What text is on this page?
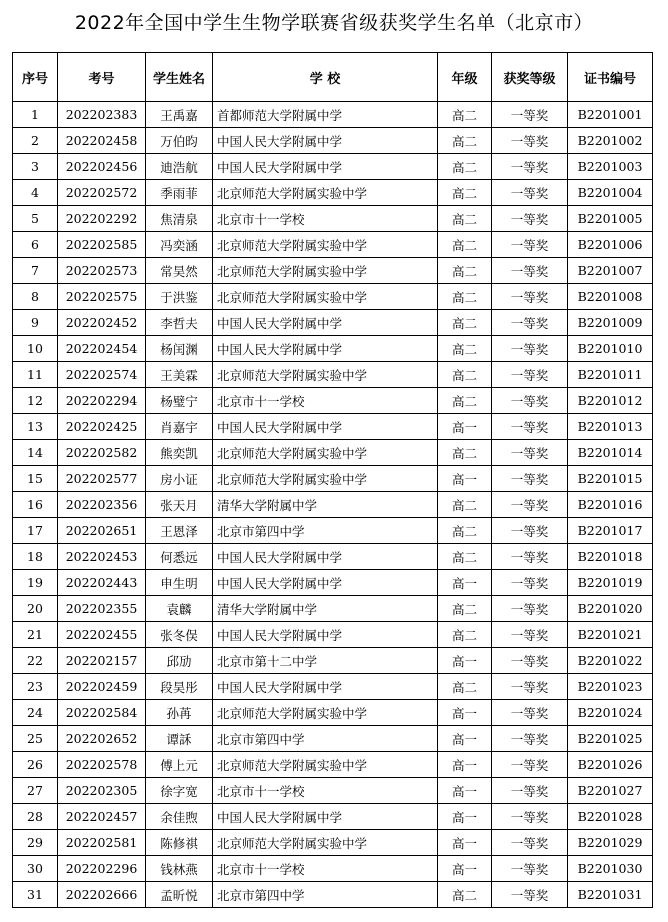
2022年全国中学生生物学联赛省级获奖学生名单（北京市）
序号	考号	学生姓名	学 校	年级	获奖等级	证书编号
1	202202383	王禹嘉	首都师范大学附属中学	高二	一等奖	B2201001
2	202202458	万伯昀	中国人民大学附属中学	高二	一等奖	B2201002
3	202202456	迪浩航	中国人民大学附属中学	高二	一等奖	B2201003
4	202202572	季雨菲	北京师范大学附属实验中学	高二	一等奖	B2201004
5	202202292	焦清泉	北京市十一学校	高二	一等奖	B2201005
6	202202585	冯奕涵	北京师范大学附属实验中学	高二	一等奖	B2201006
7	202202573	常昊然	北京师范大学附属实验中学	高二	一等奖	B2201007
8	202202575	于洪鉴	北京师范大学附属实验中学	高二	一等奖	B2201008
9	202202452	李哲夫	中国人民大学附属中学	高二	一等奖	B2201009
10	202202454	杨闰渊	中国人民大学附属中学	高二	一等奖	B2201010
11	202202574	王美霖	北京师范大学附属实验中学	高二	一等奖	B2201011
12	202202294	杨璧宁	北京市十一学校	高二	一等奖	B2201012
13	202202425	肖嘉宇	中国人民大学附属中学	高一	一等奖	B2201013
14	202202582	熊奕凯	北京师范大学附属实验中学	高二	一等奖	B2201014
15	202202577	房小证	北京师范大学附属实验中学	高一	一等奖	B2201015
16	202202356	张天月	清华大学附属中学	高二	一等奖	B2201016
17	202202651	王恩泽	北京市第四中学	高二	一等奖	B2201017
18	202202453	何悉远	中国人民大学附属中学	高二	一等奖	B2201018
19	202202443	申生明	中国人民大学附属中学	高一	一等奖	B2201019
20	202202355	袁麟	清华大学附属中学	高二	一等奖	B2201020
21	202202455	张冬俣	中国人民大学附属中学	高二	一等奖	B2201021
22	202202157	邱劢	北京市第十二中学	高一	一等奖	B2201022
23	202202459	段昊彤	中国人民大学附属中学	高二	一等奖	B2201023
24	202202584	孙苒	北京师范大学附属实验中学	高一	一等奖	B2201024
25	202202652	谭訸	北京市第四中学	高一	一等奖	B2201025
26	202202578	傅上元	北京师范大学附属实验中学	高一	一等奖	B2201026
27	202202305	徐字宽	北京市十一学校	高一	一等奖	B2201027
28	202202457	余佳煦	中国人民大学附属中学	高一	一等奖	B2201028
29	202202581	陈修祺	北京师范大学附属实验中学	高一	一等奖	B2201029
30	202202296	钱林燕	北京市十一学校	高一	一等奖	B2201030
31	202202666	孟昕悦	北京市第四中学	高二	一等奖	B2201031
